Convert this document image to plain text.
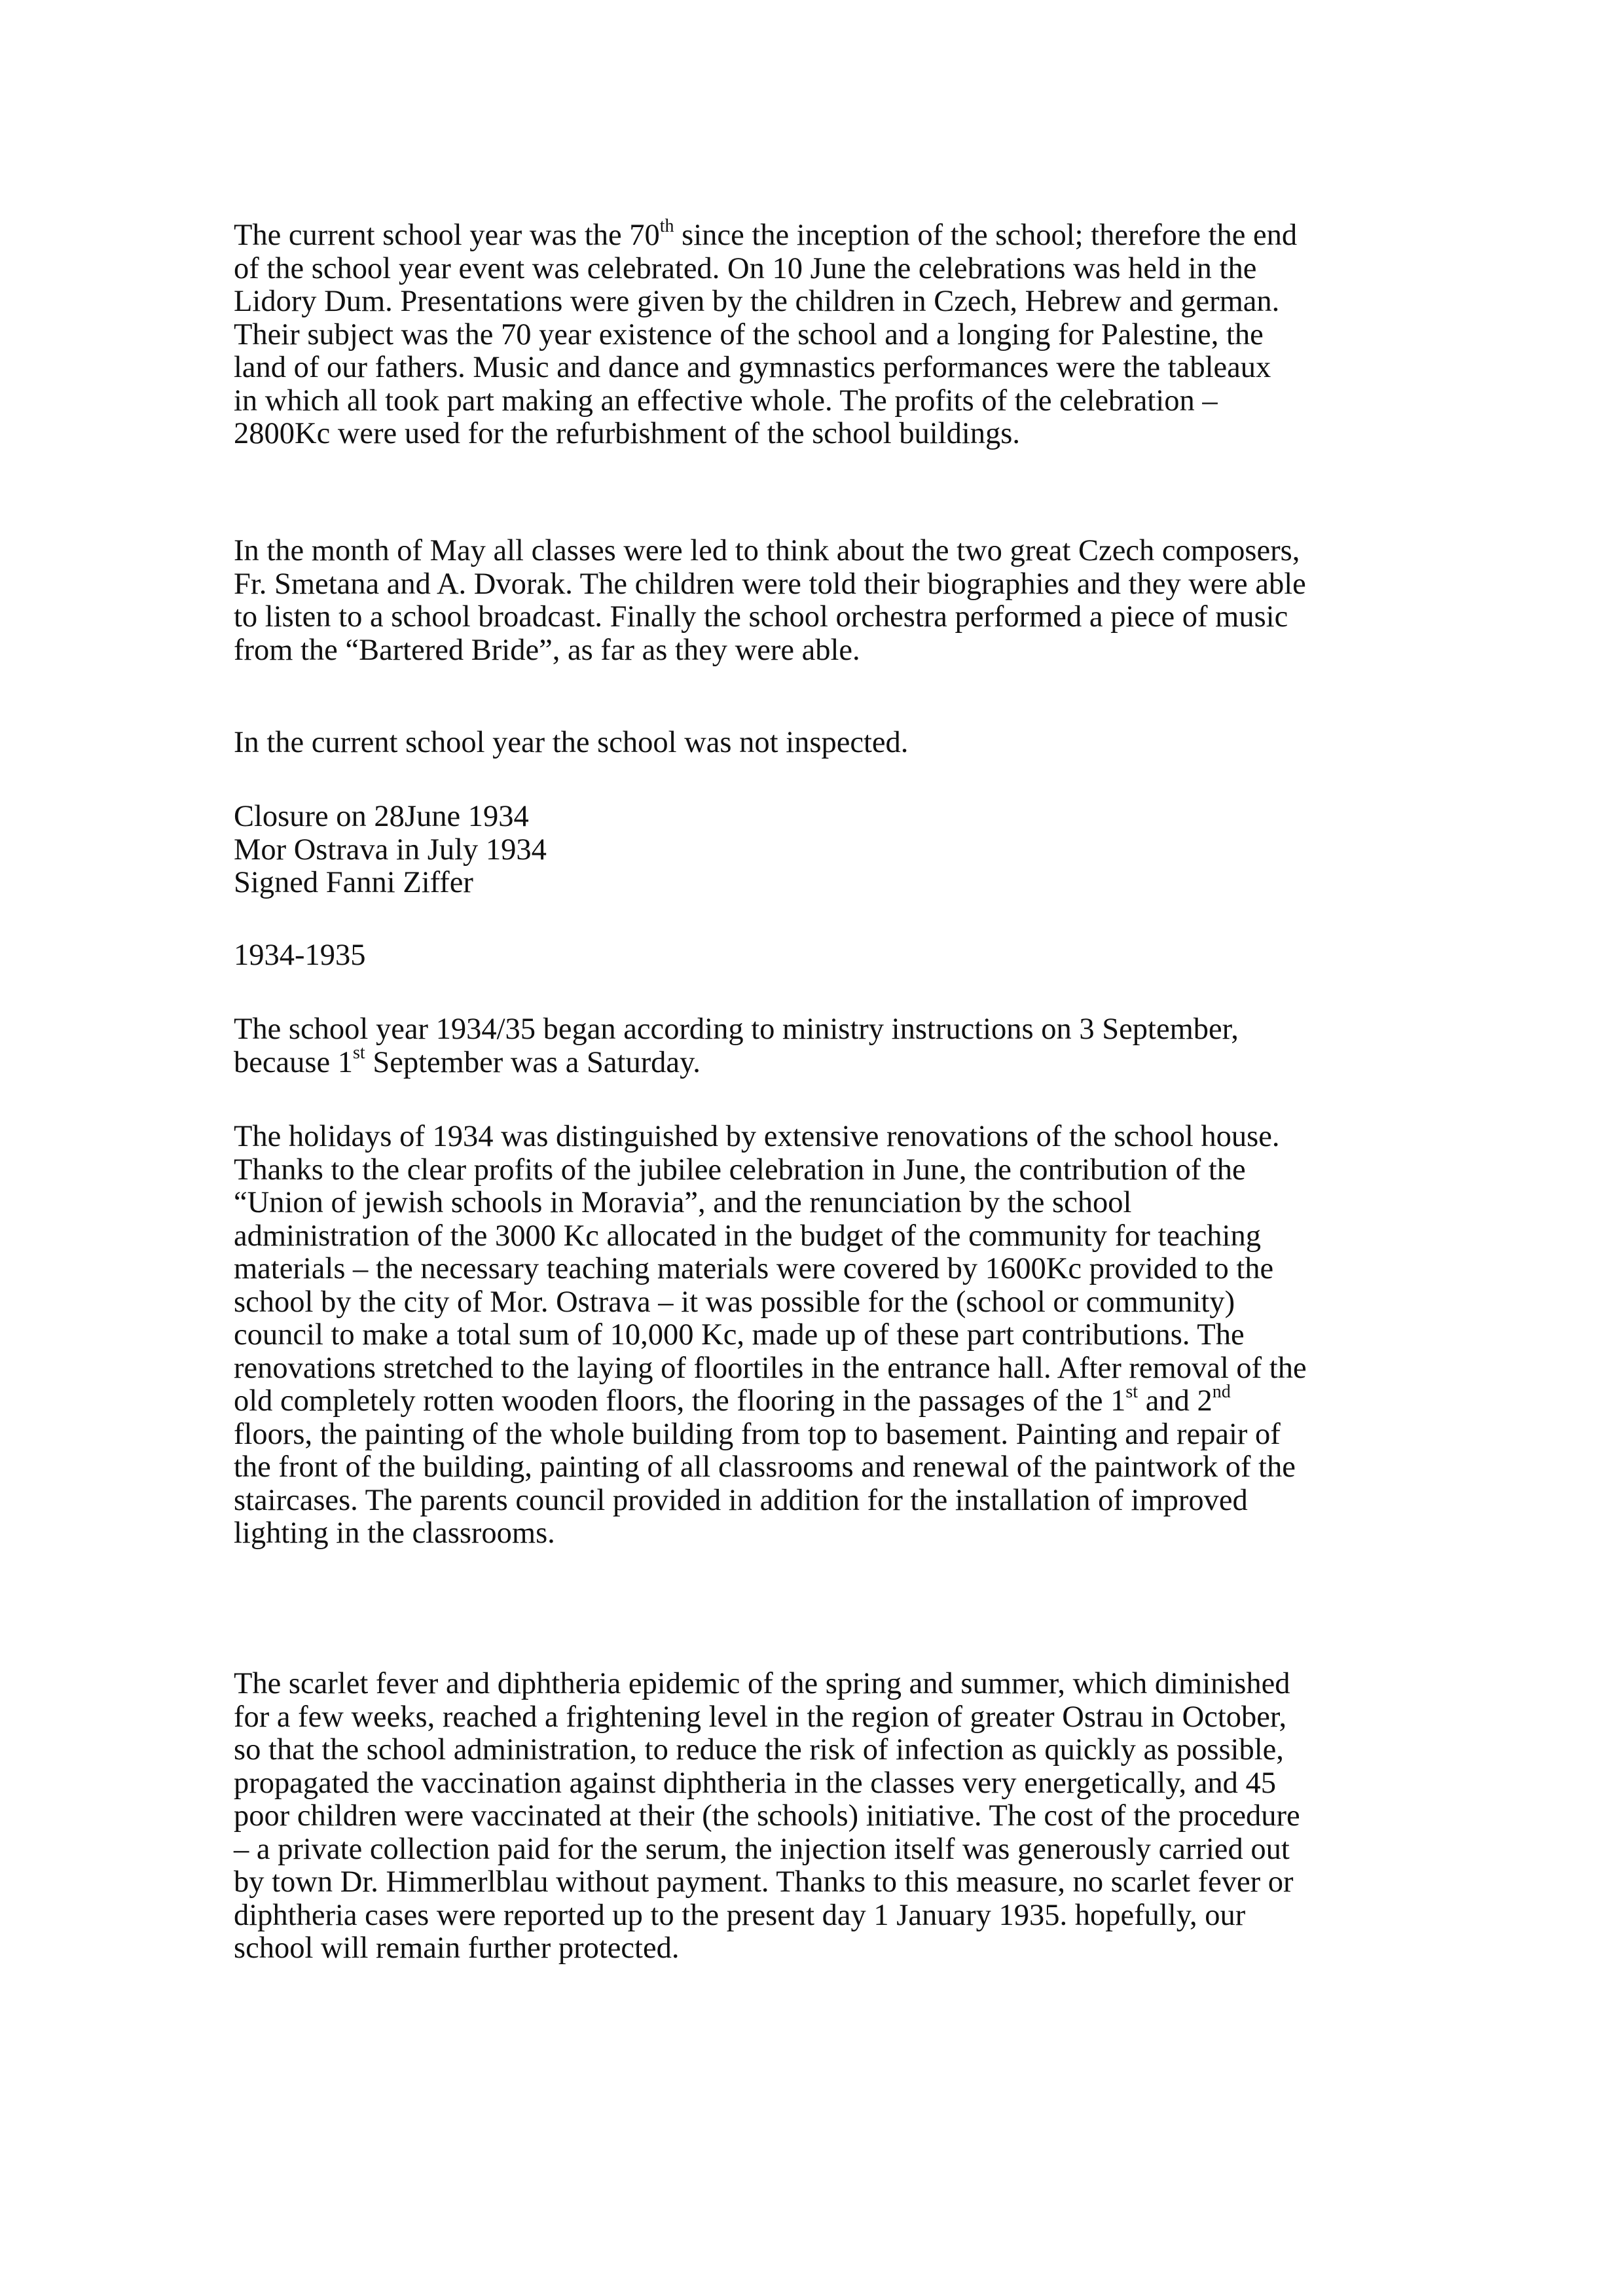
The current school year was the 70th since the inception of the school; therefore the end
of the school year event was celebrated. On 10 June the celebrations was held in the
Lidory Dum. Presentations were given by the children in Czech, Hebrew and german.
Their subject was the 70 year existence of the school and a longing for Palestine, the
land of our fathers. Music and dance and gymnastics performances were the tableaux
in which all took part making an effective whole. The profits of the celebration –
2800Kc were used for the refurbishment of the school buildings.
In the month of May all classes were led to think about the two great Czech composers,
Fr. Smetana and A. Dvorak. The children were told their biographies and they were able
to listen to a school broadcast. Finally the school orchestra performed a piece of music
from the “Bartered Bride”, as far as they were able.
In the current school year the school was not inspected.
Closure on 28June 1934
Mor Ostrava in July 1934
Signed Fanni Ziffer
1934-1935
The school year 1934/35 began according to ministry instructions on 3 September,
because 1st September was a Saturday.
The holidays of 1934 was distinguished by extensive renovations of the school house.
Thanks to the clear profits of the jubilee celebration in June, the contribution of the
“Union of jewish schools in Moravia”, and the renunciation by the school
administration of the 3000 Kc allocated in the budget of the community for teaching
materials – the necessary teaching materials were covered by 1600Kc provided to the
school by the city of Mor. Ostrava – it was possible for the (school or community)
council to make a total sum of 10,000 Kc, made up of these part contributions. The
renovations stretched to the laying of floortiles in the entrance hall. After removal of the
old completely rotten wooden floors, the flooring in the passages of the 1st and 2nd
floors, the painting of the whole building from top to basement. Painting and repair of
the front of the building, painting of all classrooms and renewal of the paintwork of the
staircases. The parents council provided in addition for the installation of improved
lighting in the classrooms.
The scarlet fever and diphtheria epidemic of the spring and summer, which diminished
for a few weeks, reached a frightening level in the region of greater Ostrau in October,
so that the school administration, to reduce the risk of infection as quickly as possible,
propagated the vaccination against diphtheria in the classes very energetically, and 45
poor children were vaccinated at their (the schools) initiative. The cost of the procedure
– a private collection paid for the serum, the injection itself was generously carried out
by town Dr. Himmerlblau without payment. Thanks to this measure, no scarlet fever or
diphtheria cases were reported up to the present day 1 January 1935. hopefully, our
school will remain further protected.
